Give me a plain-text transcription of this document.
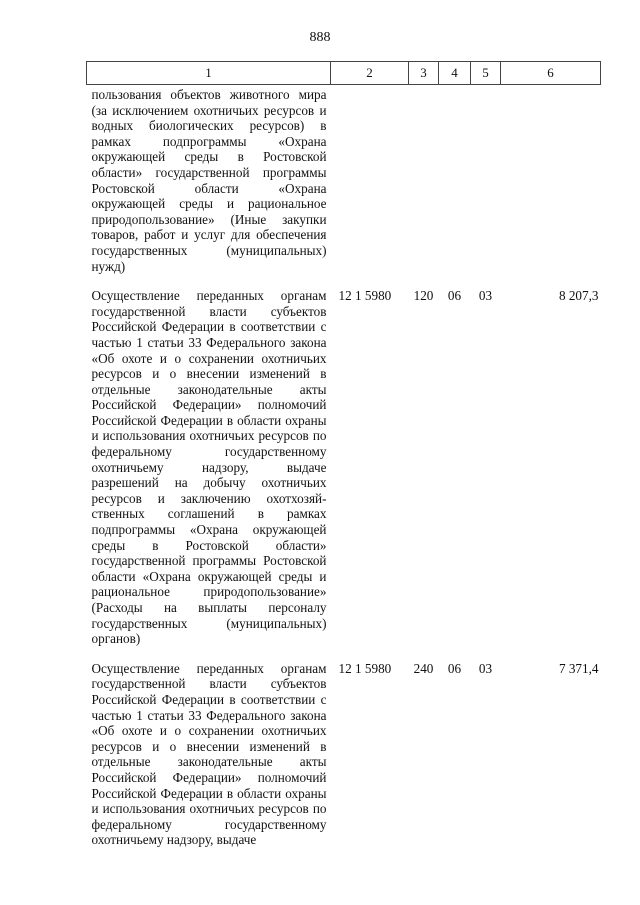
888
1	2	3	4	5	6
пользования объектов животного мира (за исключением охотничьих ресурсов и водных биологических ресурсов) в рамках подпрограммы «Охрана окружающей среды в Ростовской области» государственной программы Ростовской области «Охрана окружающей среды и рациональное природопользование» (Иные закупки товаров, работ и услуг для обеспечения государственных (муниципальных) нужд)					
Осуществление переданных органам государственной власти субъектов Российской Федерации в соответствии с частью 1 статьи 33 Федерального закона «Об охоте и о сохранении охотничьих ресурсов и о внесении изменений в отдельные законодательные акты Российской Федерации» полномочий Российской Федерации в области охраны и использования охотничьих ресурсов по федеральному государственному охотничьему надзору, выдаче разрешений на добычу охотничьих ресурсов и заключению охотхозяйственных соглашений в рамках подпрограммы «Охрана окружающей среды в Ростовской области» государственной программы Ростовской области «Охрана окружающей среды и рациональное природопользование» (Расходы на выплаты персоналу государственных (муниципальных) органов)	12 1 5980	120	06	03	8 207,3
Осуществление переданных органам государственной власти субъектов Российской Федерации в соответствии с частью 1 статьи 33 Федерального закона «Об охоте и о сохранении охотничьих ресурсов и о внесении изменений в отдельные законодательные акты Российской Федерации» полномочий Российской Федерации в области охраны и использования охотничьих ресурсов по федеральному государственному охотничьему надзору, выдаче	12 1 5980	240	06	03	7 371,4
